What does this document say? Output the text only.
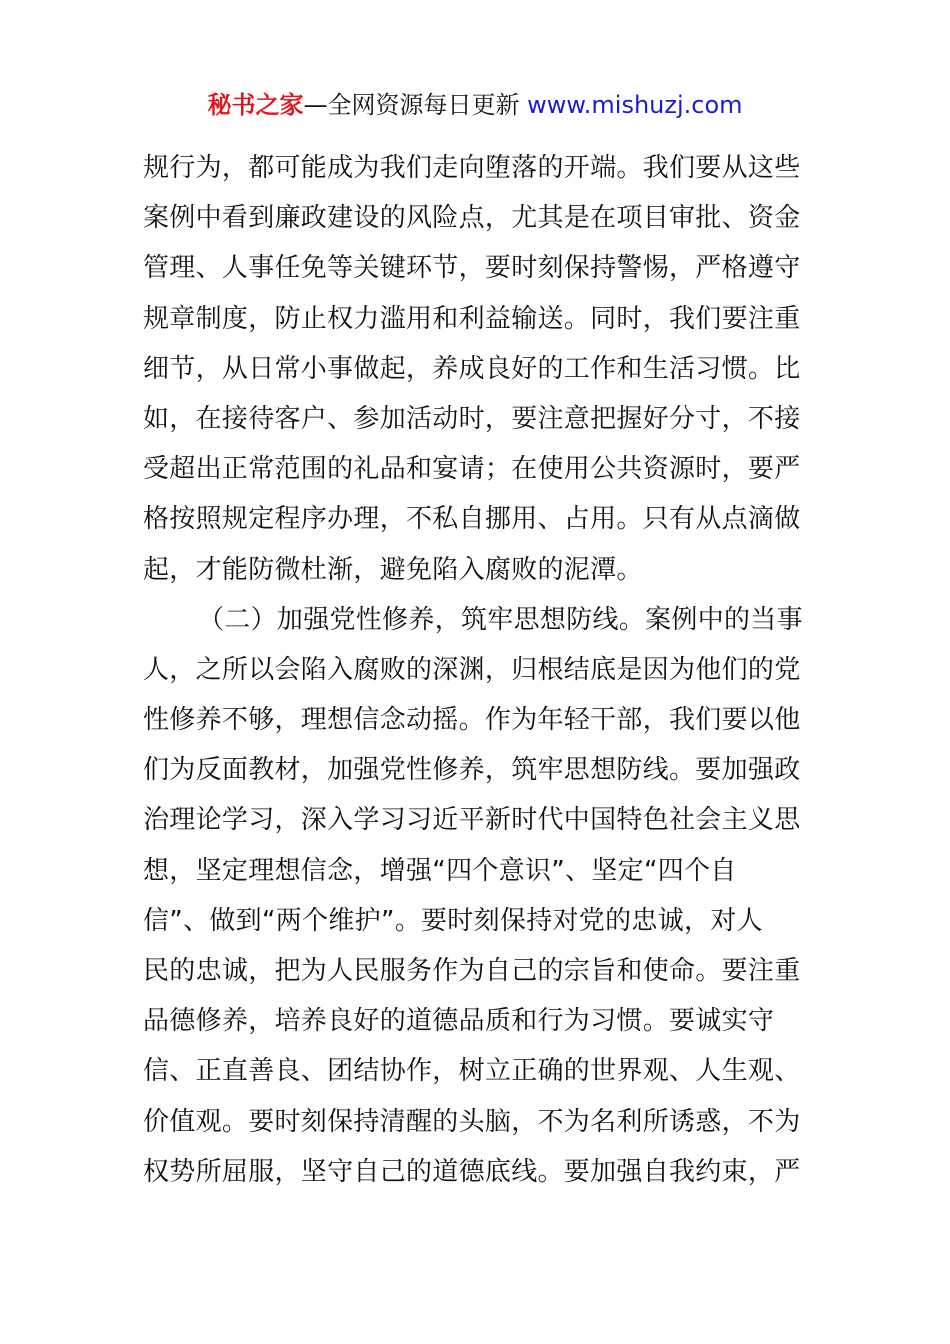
秘书之家—全网资源每日更新 www.mishuzj.com
规行为，都可能成为我们走向堕落的开端。我们要从这些
案例中看到廉政建设的风险点，尤其是在项目审批、资金
管理、人事任免等关键环节，要时刻保持警惕，严格遵守
规章制度，防止权力滥用和利益输送。同时，我们要注重
细节，从日常小事做起，养成良好的工作和生活习惯。比
如，在接待客户、参加活动时，要注意把握好分寸，不接
受超出正常范围的礼品和宴请；在使用公共资源时，要严
格按照规定程序办理，不私自挪用、占用。只有从点滴做
起，才能防微杜渐，避免陷入腐败的泥潭。
（二）加强党性修养，筑牢思想防线。案例中的当事
人，之所以会陷入腐败的深渊，归根结底是因为他们的党
性修养不够，理想信念动摇。作为年轻干部，我们要以他
们为反面教材，加强党性修养，筑牢思想防线。要加强政
治理论学习，深入学习习近平新时代中国特色社会主义思
想，坚定理想信念，增强“四个意识”、坚定“四个自
信”、做到“两个维护”。要时刻保持对党的忠诚，对人
民的忠诚，把为人民服务作为自己的宗旨和使命。要注重
品德修养，培养良好的道德品质和行为习惯。要诚实守
信、正直善良、团结协作，树立正确的世界观、人生观、
价值观。要时刻保持清醒的头脑，不为名利所诱惑，不为
权势所屈服，坚守自己的道德底线。要加强自我约束，严
